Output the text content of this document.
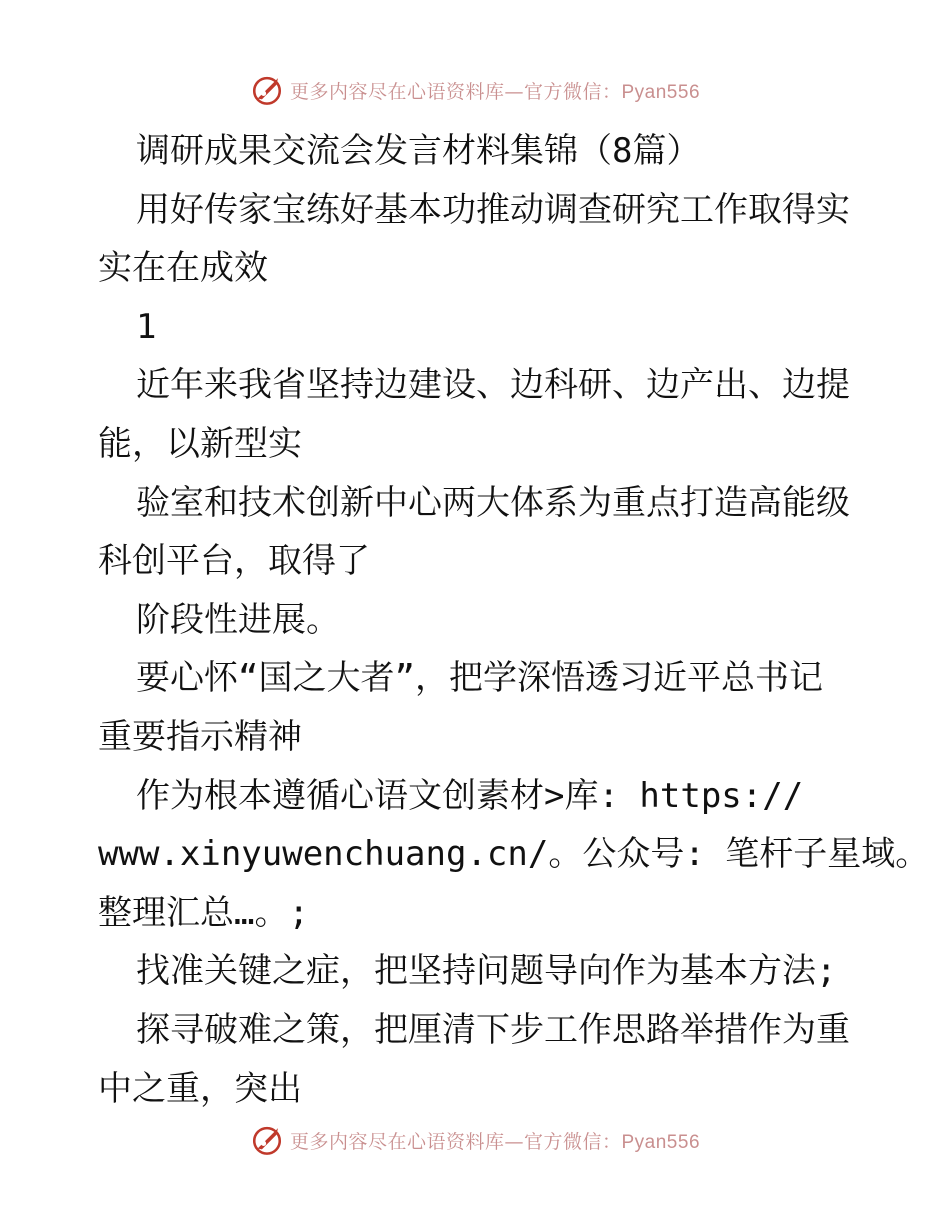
更多内容尽在心语资料库—官方微信：Pyan556
调研成果交流会发言材料集锦（8篇）
用好传家宝练好基本功推动调查研究工作取得实
实在在成效
1
近年来我省坚持边建设、边科研、边产出、边提
能，以新型实
验室和技术创新中心两大体系为重点打造高能级
科创平台，取得了
阶段性进展。
要心怀“国之大者”，把学深悟透习近平总书记
重要指示精神
作为根本遵循心语文创素材>库: https://
www.xinyuwenchuang.cn/。公众号: 笔杆子星域。
整理汇总…。;
找准关键之症，把坚持问题导向作为基本方法;
探寻破难之策，把厘清下步工作思路举措作为重
中之重，突出
更多内容尽在心语资料库—官方微信：Pyan556
